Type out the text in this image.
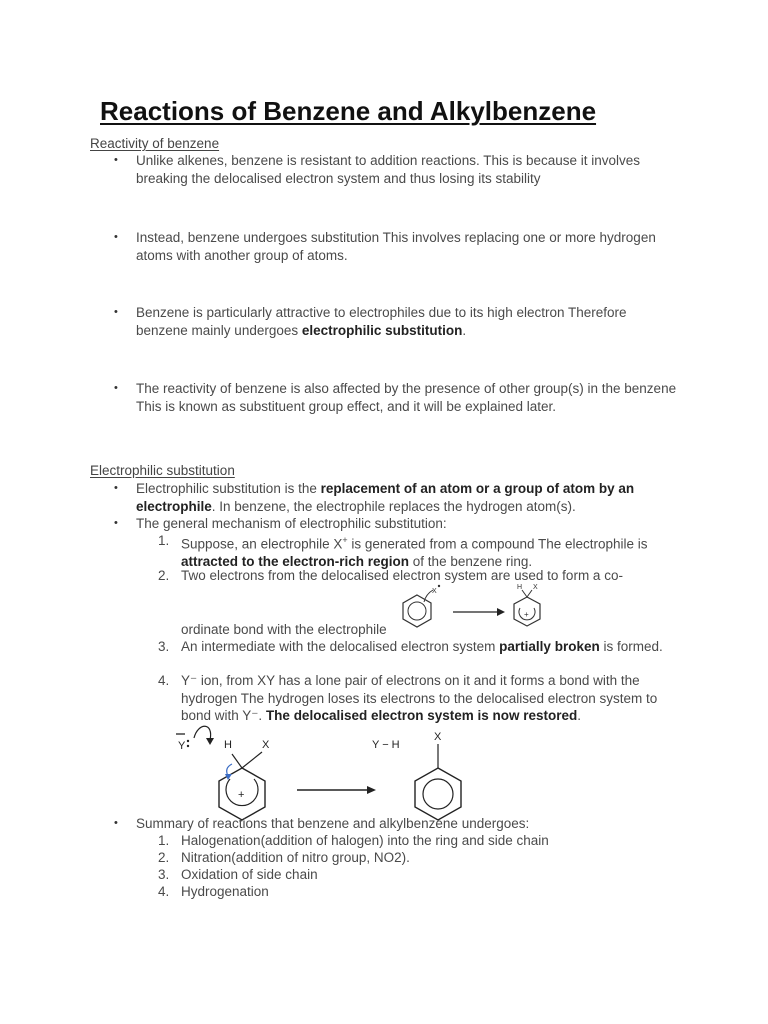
Reactions of Benzene and Alkylbenzene

Reactivity of benzene

• Unlike alkenes, benzene is resistant to addition reactions. This is because it involves breaking the delocalised electron system and thus losing its stability

• Instead, benzene undergoes substitution This involves replacing one or more hydrogen atoms with another group of atoms.

• Benzene is particularly attractive to electrophiles due to its high electron Therefore benzene mainly undergoes electrophilic substitution.

• The reactivity of benzene is also affected by the presence of other group(s) in the benzene This is known as substituent group effect, and it will be explained later.

Electrophilic substitution

• Electrophilic substitution is the replacement of an atom or a group of atom by an electrophile. In benzene, the electrophile replaces the hydrogen atom(s).

• The general mechanism of electrophilic substitution:

1. Suppose, an electrophile X+ is generated from a compound The electrophile is attracted to the electron-rich region of the benzene ring.

2. Two electrons from the delocalised electron system are used to form a co-

ordinate bond with the electrophile

X
+
H X

3. An intermediate with the delocalised electron system partially broken is formed.

4. Y⁻ ion, from XY has a lone pair of electrons on it and it forms a bond with the hydrogen The hydrogen loses its electrons to the delocalised electron system to bond with Y⁻. The delocalised electron system is now restored.

Y	H	X
+
Y − H
X

• Summary of reactions that benzene and alkylbenzene undergoes:

1. Halogenation(addition of halogen) into the ring and side chain

2. Nitration(addition of nitro group, NO2).

3. Oxidation of side chain

4. Hydrogenation
